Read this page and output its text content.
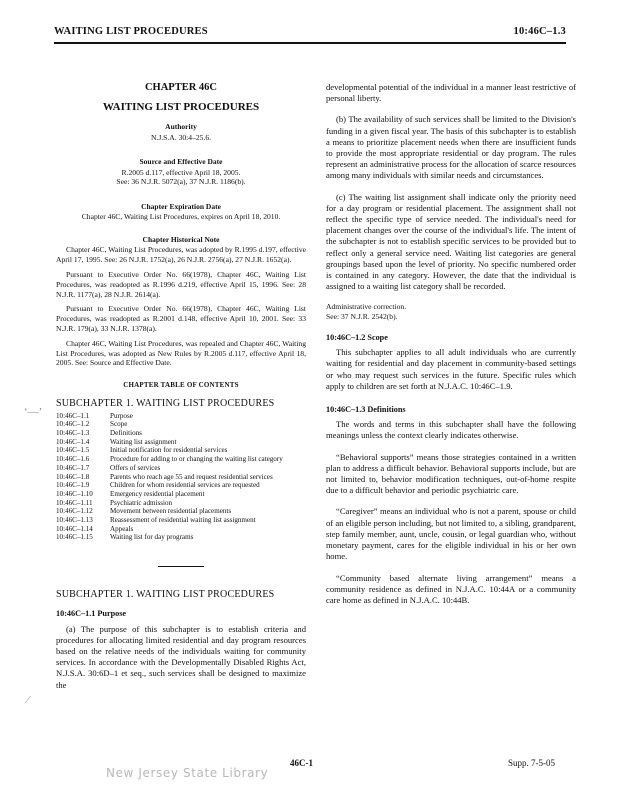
WAITING LIST PROCEDURES	10:46C–1.3
‘—’
⁄

CHAPTER 46C

WAITING LIST PROCEDURES

Authority

N.J.S.A. 30:4–25.6.

Source and Effective Date

R.2005 d.117, effective April 18, 2005.

See: 36 N.J.R. 5072(a), 37 N.J.R. 1186(b).

Chapter Expiration Date

Chapter 46C, Waiting List Procedures, expires on April 18, 2010.

Chapter Historical Note

Chapter 46C, Waiting List Procedures, was adopted by R.1995 d.197, effective April 17, 1995. See: 26 N.J.R. 1752(a), 26 N.J.R. 2756(a), 27 N.J.R. 1652(a).

Pursuant to Executive Order No. 66(1978), Chapter 46C, Waiting List Procedures, was readopted as R.1996 d.219, effective April 15, 1996. See: 28 N.J.R. 1177(a), 28 N.J.R. 2614(a).

Pursuant to Executive Order No. 66(1978), Chapter 46C, Waiting List Procedures, was readopted as R.2001 d.148, effective April 10, 2001. See: 33 N.J.R. 179(a), 33 N.J.R. 1378(a).

Chapter 46C, Waiting List Procedures, was repealed and Chapter 46C, Waiting List Procedures, was adopted as New Rules by R.2005 d.117, effective April 18, 2005. See: Source and Effective Date.

CHAPTER TABLE OF CONTENTS

SUBCHAPTER 1. WAITING LIST PROCEDURES

10:46C–1.1	Purpose
10:46C–1.2	Scope
10:46C–1.3	Definitions
10:46C–1.4	Waiting list assignment
10:46C–1.5	Initial notification for residential services
10:46C–1.6	Procedure for adding to or changing the waiting list category
10:46C–1.7	Offers of services
10:46C–1.8	Parents who reach age 55 and request residential services
10:46C–1.9	Children for whom residential services are requested
10:46C–1.10	Emergency residential placement
10:46C–1.11	Psychiatric admission
10:46C–1.12	Movement between residential placements
10:46C–1.13	Reassessment of residential waiting list assignment
10:46C–1.14	Appeals
10:46C–1.15	Waiting list for day programs

SUBCHAPTER 1. WAITING LIST PROCEDURES

10:46C–1.1 Purpose

(a) The purpose of this subchapter is to establish criteria and procedures for allocating limited residential and day program resources based on the relative needs of the individuals waiting for community services. In accordance with the Developmentally Disabled Rights Act, N.J.S.A. 30:6D–1 et seq., such services shall be designed to maximize the

developmental potential of the individual in a manner least restrictive of personal liberty.

(b) The availability of such services shall be limited to the Division's funding in a given fiscal year. The basis of this subchapter is to establish a means to prioritize placement needs when there are insufficient funds to provide the most appropriate residential or day program. The rules represent an administrative process for the allocation of scarce resources among many individuals with similar needs and circumstances.

(c) The waiting list assignment shall indicate only the priority need for a day program or residential placement. The assignment shall not reflect the specific type of service needed. The individual's need for placement changes over the course of the individual's life. The intent of the subchapter is not to establish specific services to be provided but to reflect only a general service need. Waiting list categories are general groupings based upon the level of priority. No specific numbered order is contained in any category. However, the date that the individual is assigned to a waiting list category shall be recorded.

Administrative correction.

See: 37 N.J.R. 2542(b).

10:46C–1.2 Scope

This subchapter applies to all adult individuals who are currently waiting for residential and day placement in community-based settings or who may request such services in the future. Specific rules which apply to children are set forth at N.J.A.C. 10:46C–1.9.

10:46C–1.3 Definitions

The words and terms in this subchapter shall have the following meanings unless the context clearly indicates otherwise.

“Behavioral supports” means those strategies contained in a written plan to address a difficult behavior. Behavioral supports include, but are not limited to, behavior modification techniques, out-of-home respite due to a difficult behavior and periodic psychiatric care.

“Caregiver” means an individual who is not a parent, spouse or child of an eligible person including, but not limited to, a sibling, grandparent, step family member, aunt, uncle, cousin, or legal guardian who, without monetary payment, cares for the eligible individual in his or her own home.

“Community based alternate living arrangement” means a community residence as defined in N.J.A.C. 10:44A or a community care home as defined in N.J.A.C. 10:44B.

New Jersey State Library
46C-1	Supp. 7-5-05
